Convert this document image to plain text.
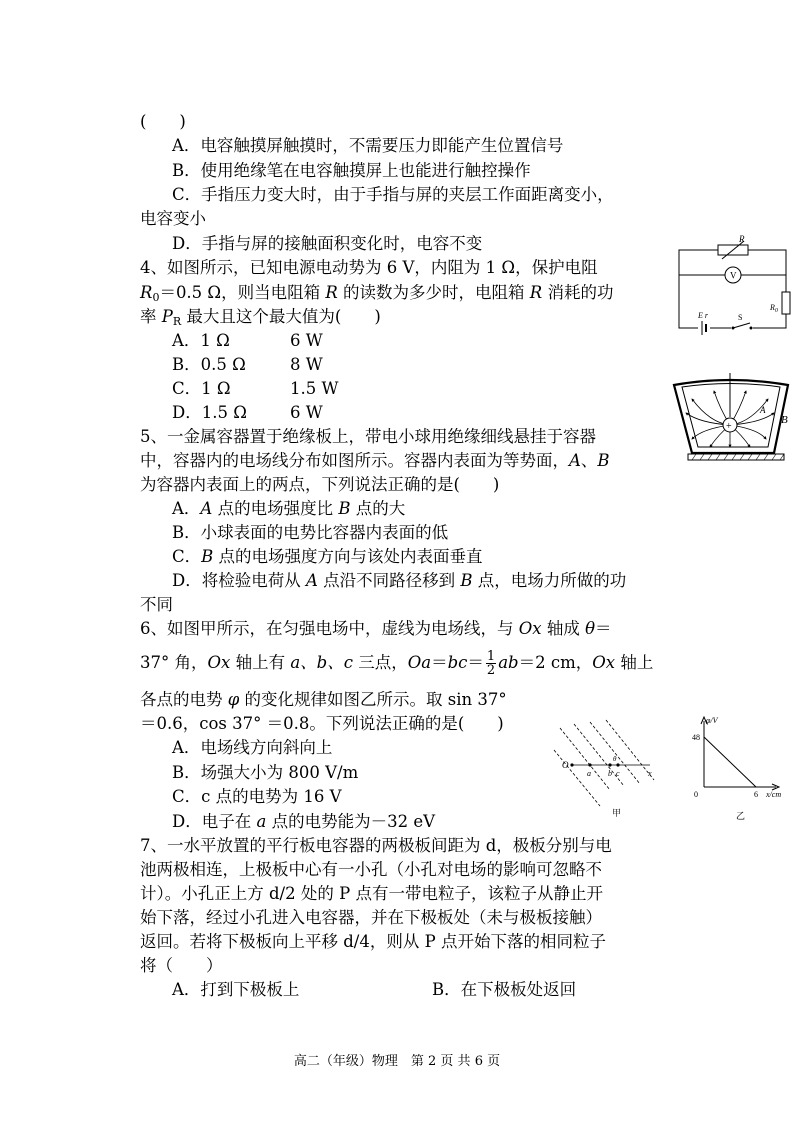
(　　)
A．电容触摸屏触摸时，不需要压力即能产生位置信号
B．使用绝缘笔在电容触摸屏上也能进行触控操作
C．手指压力变大时，由于手指与屏的夹层工作面距离变小，
电容变小
D．手指与屏的接触面积变化时，电容不变
4、如图所示，已知电源电动势为 6 V，内阻为 1 Ω，保护电阻
$R_0=0.5$ Ω，则当电阻箱 R 的读数为多少时，电阻箱 R 消耗的功
率 $P_R$ 最大且这个最大值为(　　)
A．1 Ω	6 W
B．0.5 Ω	8 W
C．1 Ω	1.5 W
D．1.5 Ω	6 W
R
V
$R_0$
E r	S
5、一金属容器置于绝缘板上，带电小球用绝缘细线悬挂于容器
中，容器内的电场线分布如图所示。容器内表面为等势面，A、B
为容器内表面上的两点，下列说法正确的是(　　)
A．A 点的电场强度比 B 点的大
B．小球表面的电势比容器内表面的低
C．B 点的电场强度方向与该处内表面垂直
D．将检验电荷从 A 点沿不同路径移到 B 点，电场力所做的功
不同
+
A
B
6、如图甲所示，在匀强电场中，虚线为电场线，与 Ox 轴成 θ＝
37° 角，Ox 轴上有 a、b、c 三点，$Oa=bc= \frac{1}{2} ab=2$ cm，Ox 轴上
各点的电势 φ 的变化规律如图乙所示。取 sin 37°
＝0.6，cos 37° ＝0.8。下列说法正确的是(　　)
A．电场线方向斜向上
B．场强大小为 800 V/m
C．c 点的电势为 16 V
D．电子在 a 点的电势能为－32 eV
O
a b c	x
θ
甲
φ/V
48
0	6 x/cm
乙
7、一水平放置的平行板电容器的两极板间距为 d，极板分别与电
池两极相连，上极板中心有一小孔（小孔对电场的影响可忽略不
计）。小孔正上方 d/2 处的 P 点有一带电粒子，该粒子从静止开
始下落，经过小孔进入电容器，并在下极板处（未与极板接触）
返回。若将下极板向上平移 d/4，则从 P 点开始下落的相同粒子
将（　　）
A．打到下极板上	B．在下极板处返回
高二（年级）物理　第 2 页 共 6 页
